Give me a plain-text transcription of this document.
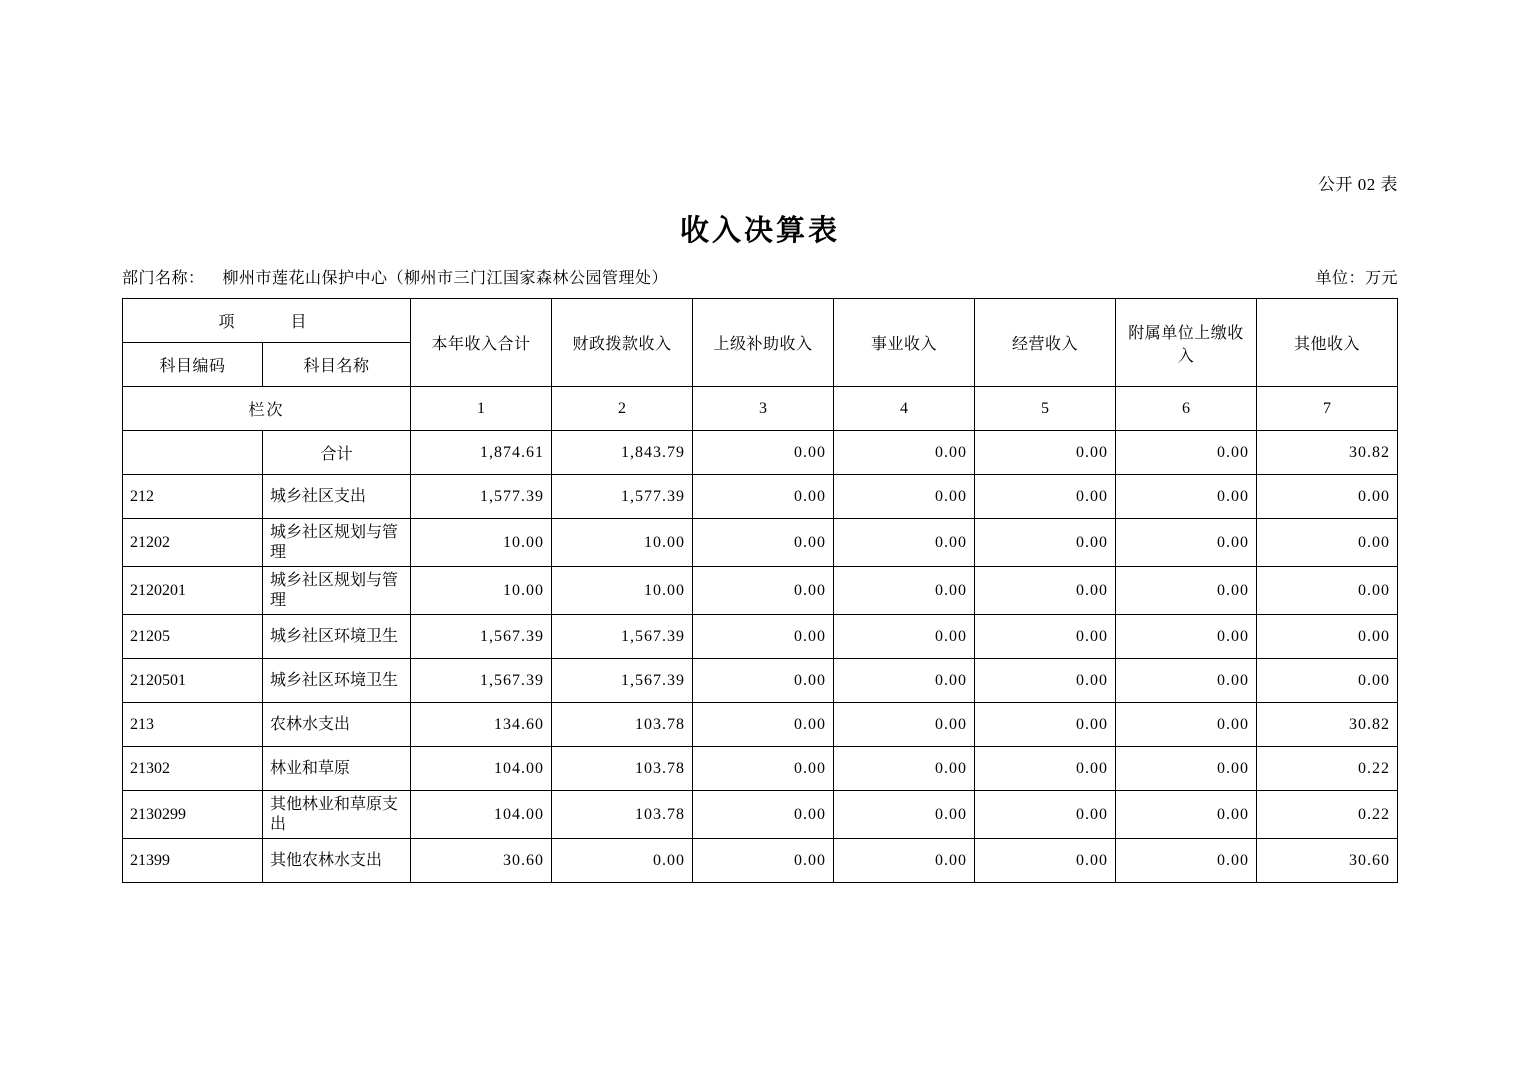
公开 02 表
收入决算表
部门名称： 柳州市莲花山保护中心（柳州市三门江国家森林公园管理处）	单位：万元
项　　目		本年收入合计	财政拨款收入	上级补助收入	事业收入	经营收入	附属单位上缴收入	其他收入
科目编码	科目名称							
栏次		1	2	3	4	5	6	7
	合计	1,874.61	1,843.79	0.00	0.00	0.00	0.00	30.82
212	城乡社区支出	1,577.39	1,577.39	0.00	0.00	0.00	0.00	0.00
21202	城乡社区规划与管理	10.00	10.00	0.00	0.00	0.00	0.00	0.00
2120201	城乡社区规划与管理	10.00	10.00	0.00	0.00	0.00	0.00	0.00
21205	城乡社区环境卫生	1,567.39	1,567.39	0.00	0.00	0.00	0.00	0.00
2120501	城乡社区环境卫生	1,567.39	1,567.39	0.00	0.00	0.00	0.00	0.00
213	农林水支出	134.60	103.78	0.00	0.00	0.00	0.00	30.82
21302	林业和草原	104.00	103.78	0.00	0.00	0.00	0.00	0.22
2130299	其他林业和草原支出	104.00	103.78	0.00	0.00	0.00	0.00	0.22
21399	其他农林水支出	30.60	0.00	0.00	0.00	0.00	0.00	30.60
